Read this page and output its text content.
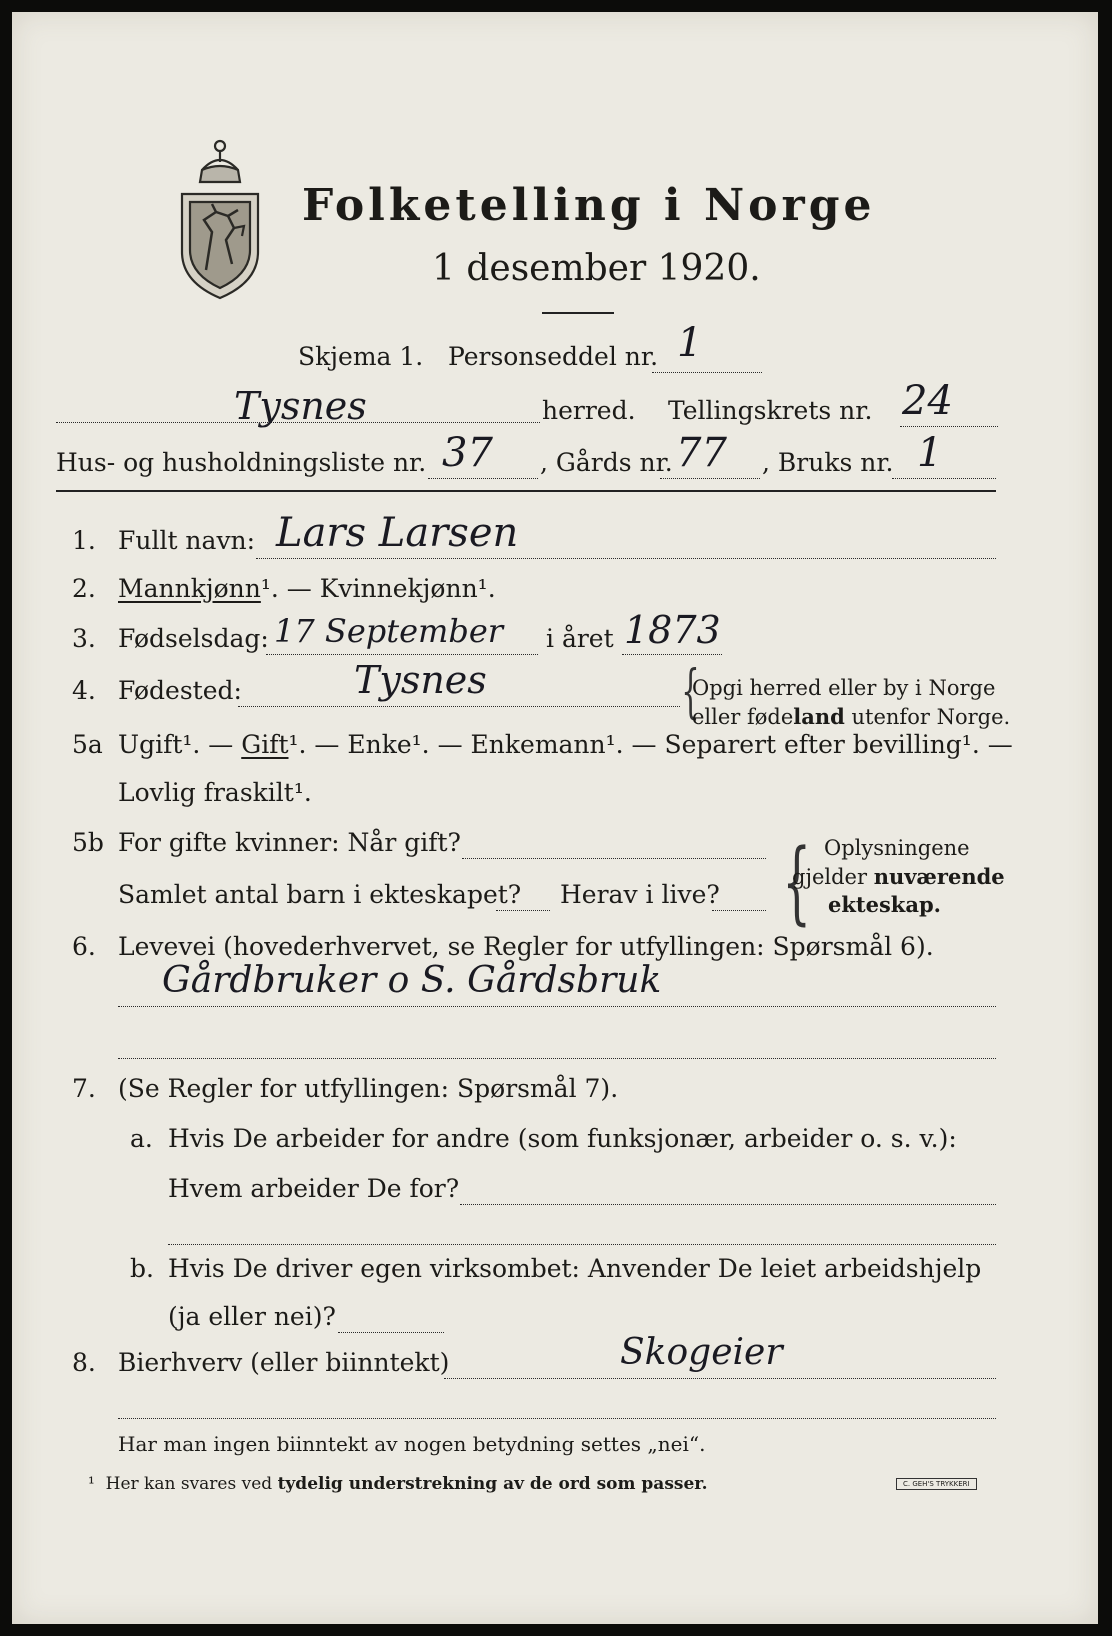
Folketelling i Norge
1 desember 1920.
Skjema 1. Personseddel nr. 1
Tysnes	herred. Tellingskrets nr. 24
Hus- og husholdningsliste nr. 37 , Gårds nr. 77 , Bruks nr. 1
1. Fullt navn: Lars Larsen
2. Mannkjønn¹. — Kvinnekjønn¹.
3. Fødselsdag: 17 September i året 1873
4. Fødested:	Tysnes	{
Opgi herred eller by i Norge
eller fødeland utenfor Norge.
5a Ugift¹. — Gift¹. — Enke¹. — Enkemann¹. — Separert efter bevilling¹. —
Lovlig fraskilt¹.
5b For gifte kvinner: Når gift?
Samlet antal barn i ekteskapet? Herav i live? { Oplysningene
gjelder nuværende
ekteskap.
6. Levevei (hovederhvervet, se Regler for utfyllingen: Spørsmål 6).
Gårdbruker o S. Gårdsbruk
7. (Se Regler for utfyllingen: Spørsmål 7).
a. Hvis De arbeider for andre (som funksjonær, arbeider o. s. v.):
Hvem arbeider De for?
b. Hvis De driver egen virksombet: Anvender De leiet arbeidshjelp
(ja eller nei)?
8. Bierhverv (eller biinntekt)	Skogeier
Har man ingen biinntekt av nogen betydning settes „nei“.
¹ Her kan svares ved tydelig understrekning av de ord som passer.	C. GEH'S TRYKKERI
